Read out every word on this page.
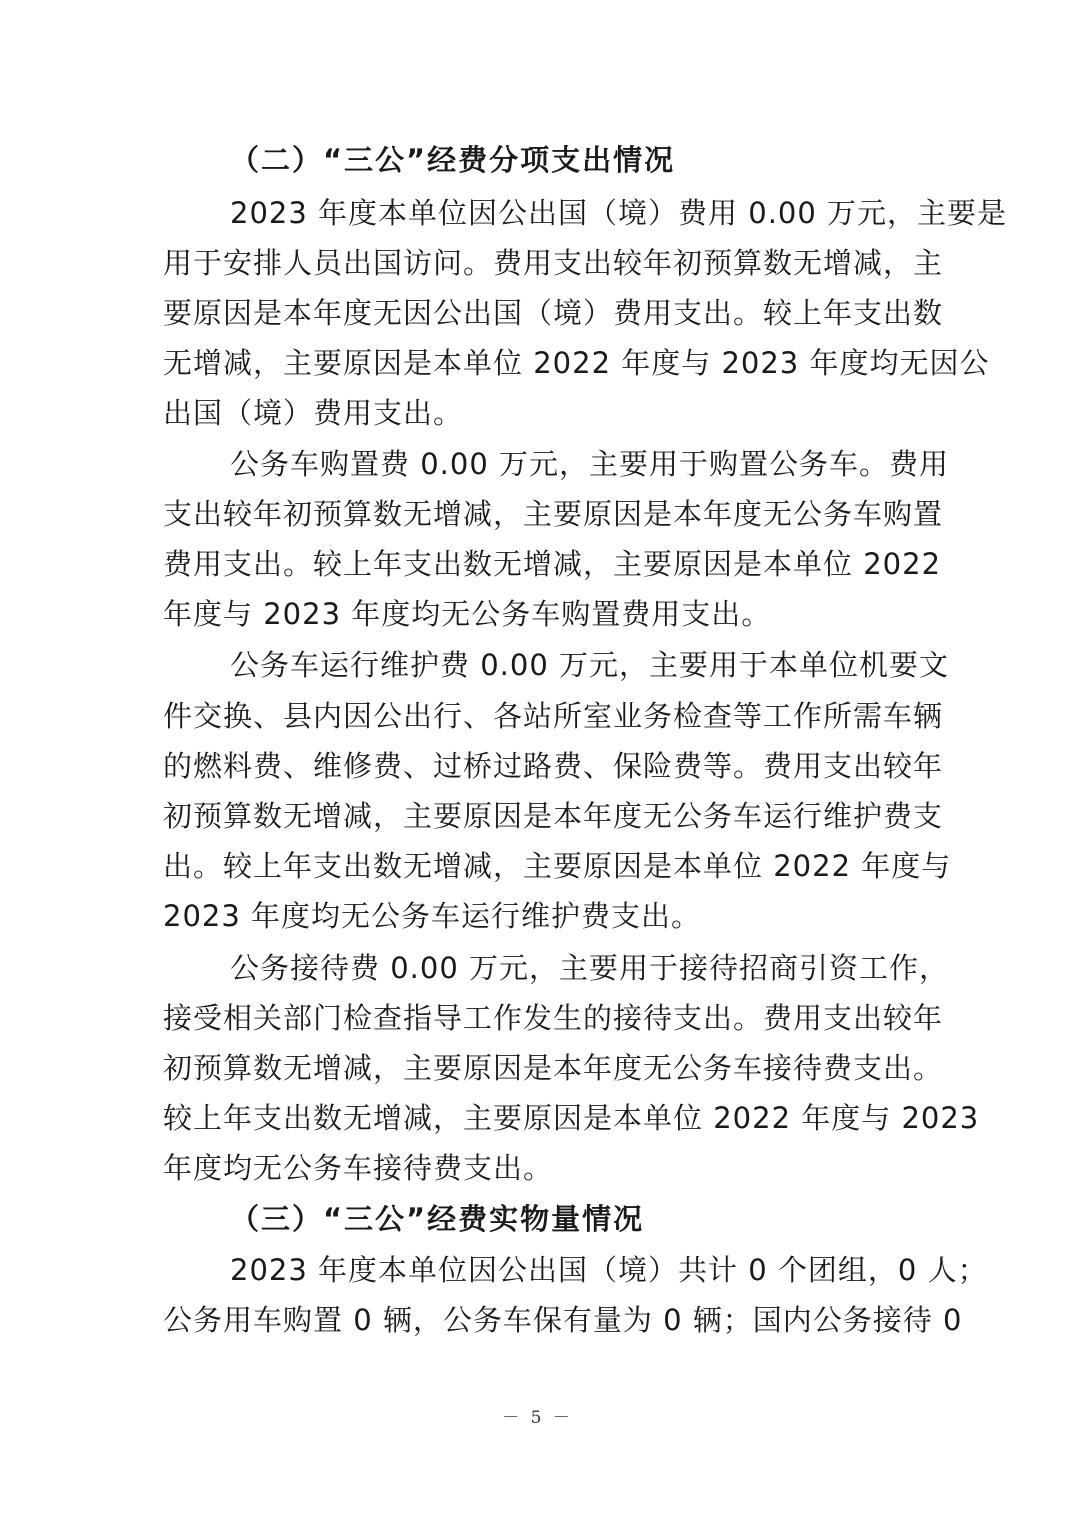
（二）“三公”经费分项支出情况
2023 年度本单位因公出国（境）费用 0.00 万元，主要是
用于安排人员出国访问。费用支出较年初预算数无增减，主
要原因是本年度无因公出国（境）费用支出。较上年支出数
无增减，主要原因是本单位 2022 年度与 2023 年度均无因公
出国（境）费用支出。
公务车购置费 0.00 万元，主要用于购置公务车。费用
支出较年初预算数无增减，主要原因是本年度无公务车购置
费用支出。较上年支出数无增减，主要原因是本单位 2022
年度与 2023 年度均无公务车购置费用支出。
公务车运行维护费 0.00 万元，主要用于本单位机要文
件交换、县内因公出行、各站所室业务检查等工作所需车辆
的燃料费、维修费、过桥过路费、保险费等。费用支出较年
初预算数无增减，主要原因是本年度无公务车运行维护费支
出。较上年支出数无增减，主要原因是本单位 2022 年度与
2023 年度均无公务车运行维护费支出。
公务接待费 0.00 万元，主要用于接待招商引资工作，
接受相关部门检查指导工作发生的接待支出。费用支出较年
初预算数无增减，主要原因是本年度无公务车接待费支出。
较上年支出数无增减，主要原因是本单位 2022 年度与 2023
年度均无公务车接待费支出。
（三）“三公”经费实物量情况
2023 年度本单位因公出国（境）共计 0 个团组，0 人；
公务用车购置 0 辆，公务车保有量为 0 辆；国内公务接待 0
－ 5 －
